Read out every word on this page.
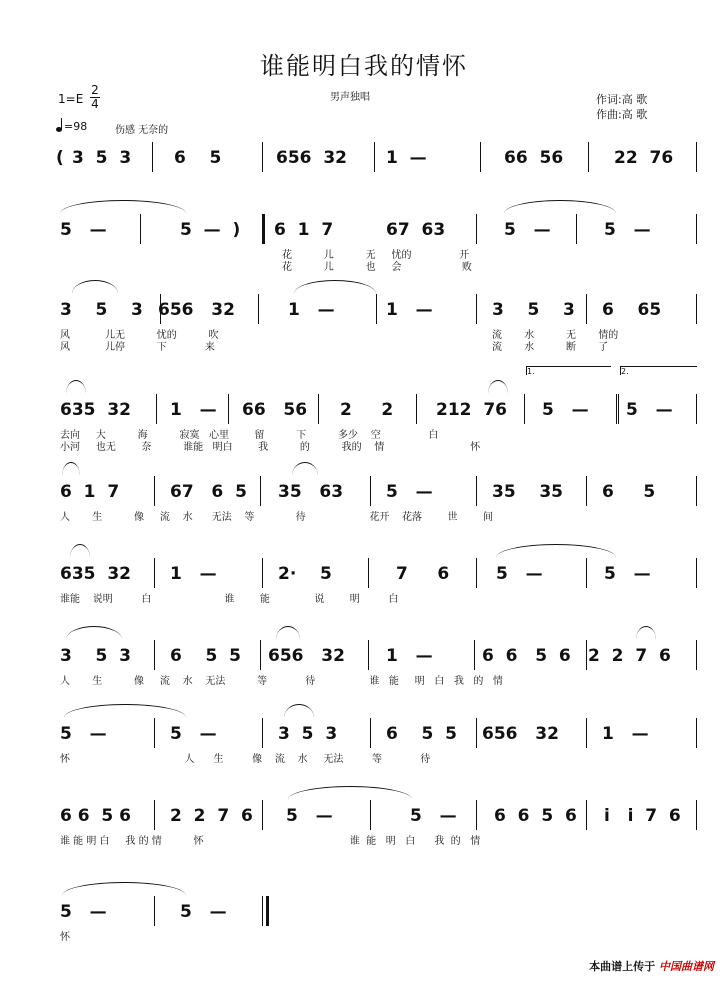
谁能明白我的情怀
男声独唱
1=E
2
4
=98	伤感 无奈的
作词:高 歌
作曲:高 歌
( 3  5  3	6    5	656  32 1  —	66  56	22  76
5   —	5  —  ) 6  1  7	67  63	5   —	5   —
花          儿          无     忧的               开
花          儿          也     会                   败
3    5    3 656   32	1   —	1   —	3    5    3 6    65
风           儿无          忧的          吹	流       水          无       情的
风           儿停          下            来	流       水          断       了
635  32 1   — 66   56 2     2	212  76 5   — 5   —
去向     大          海          寂寞   心里        留          下          多少    空               白
小河     也无        奈          谁能   明白        我          的          我的    情                           怀
1.	2.
6  1  7	67   6  5 35   63	5   —	35    35 6     5
人       生          像     流    水      无法    等             待                    花开    花落        世        间
635  32 1   —	2·    5	7     6	5   —	5   —
谁能    说明         白                       谁        能              说        明         白
3    5  3 6    5  5 656   32 1   —	6  6   5  6 2  2  7  6
人       生          像     流    水    无法          等            待                 谁   能     明   白   我   的   情
5   —	5   —	3  5  3	6    5  5 656   32	1   —
怀                                    人      生         像    流    水     无法         等            待
6 6  5 6 2  2  7  6 5   —	5   — 6  6  5  6 i   i  7  6
谁 能 明 白     我 的 情          怀                                              谁  能   明   白      我  的   情
5   —	5   —
怀
本曲谱上传于 中国曲谱网
